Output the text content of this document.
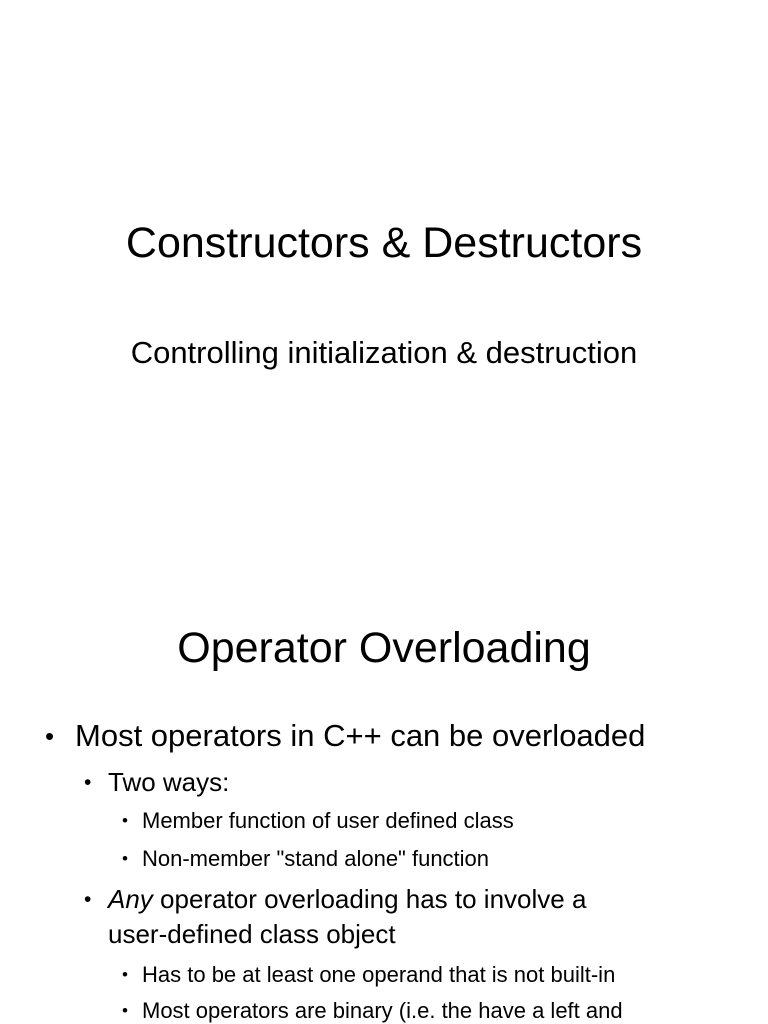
Constructors & Destructors
Controlling initialization & destruction
Operator Overloading
• Most operators in C++ can be overloaded
• Two ways:
• Member function of user defined class
• Non-member "stand alone" function
• Any operator overloading has to involve a
user-defined class object
• Has to be at least one operand that is not built-in
• Most operators are binary (i.e. the have a left and
